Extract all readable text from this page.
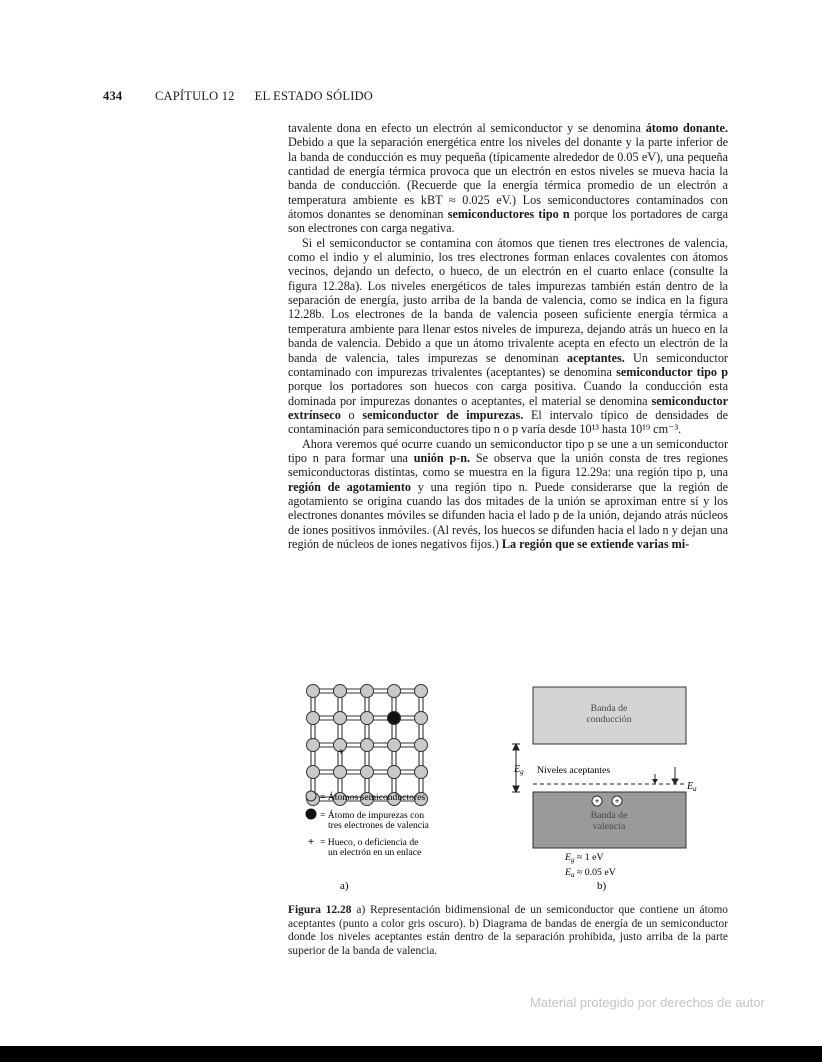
434	CAPÍTULO 12 EL ESTADO SÓLIDO

tavalente dona en efecto un electrón al semiconductor y se denomina átomo donante. Debido a que la separación energética entre los niveles del donante y la parte inferior de la banda de conducción es muy pequeña (típicamente alrededor de 0.05 eV), una pequeña cantidad de energía térmica provoca que un electrón en estos niveles se mueva hacia la banda de conducción. (Recuerde que la energía térmica promedio de un electrón a temperatura ambiente es kBT ≈ 0.025 eV.) Los semiconductores contaminados con átomos donantes se denominan semiconductores tipo n porque los portadores de carga son electrones con carga negativa.

Si el semiconductor se contamina con átomos que tienen tres electrones de valencia, como el indio y el aluminio, los tres electrones forman enlaces covalentes con átomos vecinos, dejando un defecto, o hueco, de un electrón en el cuarto enlace (consulte la figura 12.28a). Los niveles energéticos de tales impurezas también están dentro de la separación de energía, justo arriba de la banda de valencia, como se indica en la figura 12.28b. Los electrones de la banda de valencia poseen suficiente energía térmica a temperatura ambiente para llenar estos niveles de impureza, dejando atrás un hueco en la banda de valencia. Debido a que un átomo trivalente acepta en efecto un electrón de la banda de valencia, tales impurezas se denominan aceptantes. Un semiconductor contaminado con impurezas trivalentes (aceptantes) se denomina semiconductor tipo p porque los portadores son huecos con carga positiva. Cuando la conducción esta dominada por impurezas donantes o aceptantes, el material se denomina semiconductor extrínseco o semiconductor de impurezas. El intervalo típico de densidades de contaminación para semiconductores tipo n o p varía desde 10¹³ hasta 10¹⁹ cm⁻³.

Ahora veremos qué ocurre cuando un semiconductor tipo p se une a un semiconductor tipo n para formar una unión p-n. Se observa que la unión consta de tres regiones semiconductoras distintas, como se muestra en la figura 12.29a: una región tipo p, una región de agotamiento y una región tipo n. Puede considerarse que la región de agotamiento se origina cuando las dos mitades de la unión se aproximan entre sí y los electrones donantes móviles se difunden hacia el lado p de la unión, dejando atrás núcleos de iones positivos inmóviles. (Al revés, los huecos se difunden hacia el lado n y dejan una región de núcleos de iones negativos fijos.) La región que se extiende varias mi-

+
= Átomos semiconductores
= Átomo de impurezas con
tres electrones de valencia
+ = Hueco, o deficiencia de
un electrón en un enlace
a)
Banda de
conducción
$E_g$ Niveles aceptantes
$E_a$
+ +
Banda de
valencia
$E_g \approx 1$ eV
$E_a \approx 0.05$ eV
b)
Figura 12.28 a) Representación bidimensional de un semiconductor que contiene un átomo aceptantes (punto a color gris oscuro). b) Diagrama de bandas de energía de un semiconductor donde los niveles aceptantes están dentro de la separación prohibida, justo arriba de la parte superior de la banda de valencia.
Material protegido por derechos de autor
